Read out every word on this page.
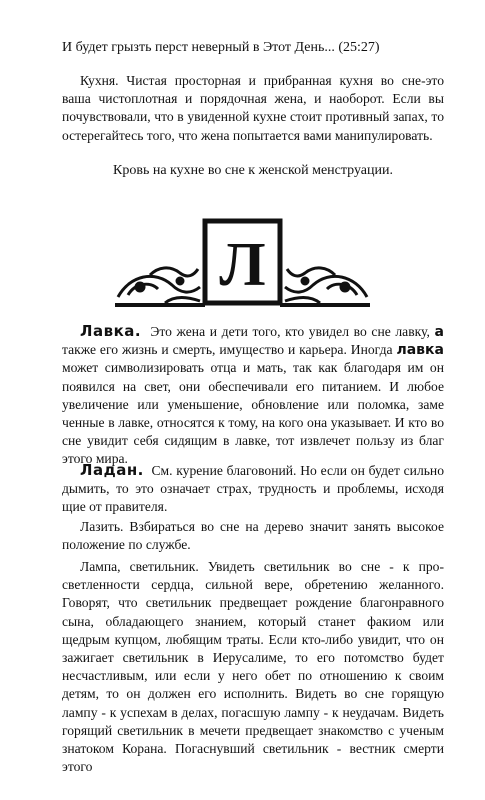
И будет грызть перст неверный в Этот День... (25:27)

Кухня. Чистая просторная и прибранная кухня во сне-это ваша чистоплотная и порядочная жена, и наоборот. Если вы почувствовали, что в увиденной кухне стоит противный запах, то остерегайтесь того, что жена попытается вами манипулировать.

Кровь на кухне во сне к женской менструации.
Л

Лавка. Это жена и дети того, кто увидел во сне лавку, а также его жизнь и смерть, имущество и карьера. Иногда лавка может символизировать отца и мать, так как благодаря им он появился на свет, они обеспечивали его питанием. И любое увеличение или уменьшение, обновление или поломка, заме ченные в лавке, относятся к тому, на кого она указывает. И кто во сне увидит себя сидящим в лавке, тот извлечет пользу из благ этого мира.

Ладан. См. курение благовоний. Но если он будет сильно дымить, то это означает страх, трудность и проблемы, исходя щие от правителя.

Лазить. Взбираться во сне на дерево значит занять высокое положение по службе.

Лампа, светильник. Увидеть светильник во сне - к про-светленности сердца, сильной вере, обретению желанного. Говорят, что светильник предвещает рождение благонравного сына, обладающего знанием, который станет факиом или щедрым купцом, любящим траты. Если кто-либо увидит, что он зажигает светильник в Иерусалиме, то его потомство будет несчастливым, или если у него обет по отношению к своим детям, то он должен его исполнить. Видеть во сне горящую лампу - к успехам в делах, погасшую лампу - к неудачам. Видеть горящий светильник в мечети предвещает знакомство с ученым знатоком Корана. Погаснувший светильник - вестник смерти этого
